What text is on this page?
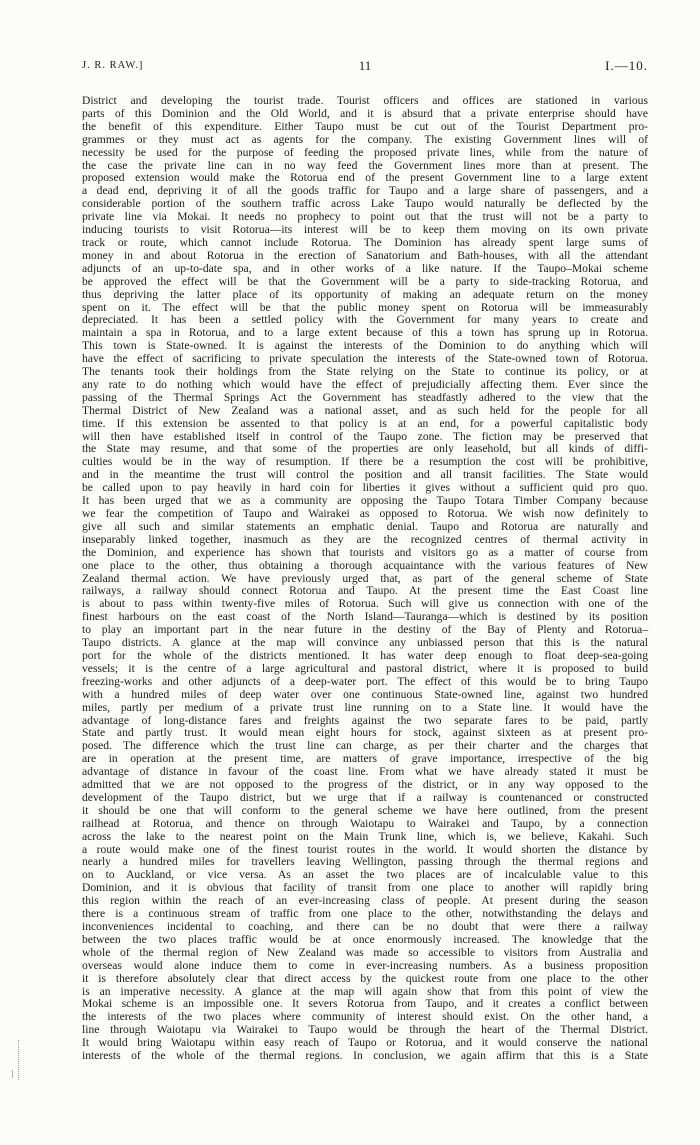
J. R. RAW.]	11	I.—10.
District and developing the tourist trade. Tourist officers and offices are stationed in various
parts of this Dominion and the Old World, and it is absurd that a private enterprise should have
the benefit of this expenditure. Either Taupo must be cut out of the Tourist Department pro-
grammes or they must act as agents for the company. The existing Government lines will of
necessity be used for the purpose of feeding the proposed private lines, while from the nature of
the case the private line can in no way feed the Government lines more than at present. The
proposed extension would make the Rotorua end of the present Government line to a large extent
a dead end, depriving it of all the goods traffic for Taupo and a large share of passengers, and a
considerable portion of the southern traffic across Lake Taupo would naturally be deflected by the
private line via Mokai. It needs no prophecy to point out that the trust will not be a party to
inducing tourists to visit Rotorua—its interest will be to keep them moving on its own private
track or route, which cannot include Rotorua. The Dominion has already spent large sums of
money in and about Rotorua in the erection of Sanatorium and Bath-houses, with all the attendant
adjuncts of an up-to-date spa, and in other works of a like nature. If the Taupo–Mokai scheme
be approved the effect will be that the Government will be a party to side-tracking Rotorua, and
thus depriving the latter place of its opportunity of making an adequate return on the money
spent on it. The effect will be that the public money spent on Rotorua will be immeasurably
depreciated. It has been a settled policy with the Government for many years to create and
maintain a spa in Rotorua, and to a large extent because of this a town has sprung up in Rotorua.
This town is State-owned. It is against the interests of the Dominion to do anything which will
have the effect of sacrificing to private speculation the interests of the State-owned town of Rotorua.
The tenants took their holdings from the State relying on the State to continue its policy, or at
any rate to do nothing which would have the effect of prejudicially affecting them. Ever since the
passing of the Thermal Springs Act the Government has steadfastly adhered to the view that the
Thermal District of New Zealand was a national asset, and as such held for the people for all
time. If this extension be assented to that policy is at an end, for a powerful capitalistic body
will then have established itself in control of the Taupo zone. The fiction may be preserved that
the State may resume, and that some of the properties are only leasehold, but all kinds of diffi-
culties would be in the way of resumption. If there be a resumption the cost will be prohibitive,
and in the meantime the trust will control the position and all transit facilities. The State would
be called upon to pay heavily in hard coin for liberties it gives without a sufficient quid pro quo.
It has been urged that we as a community are opposing the Taupo Totara Timber Company because
we fear the competition of Taupo and Wairakei as opposed to Rotorua. We wish now definitely to
give all such and similar statements an emphatic denial. Taupo and Rotorua are naturally and
inseparably linked together, inasmuch as they are the recognized centres of thermal activity in
the Dominion, and experience has shown that tourists and visitors go as a matter of course from
one place to the other, thus obtaining a thorough acquaintance with the various features of New
Zealand thermal action. We have previously urged that, as part of the general scheme of State
railways, a railway should connect Rotorua and Taupo. At the present time the East Coast line
is about to pass within twenty-five miles of Rotorua. Such will give us connection with one of the
finest harbours on the east coast of the North Island—Tauranga—which is destined by its position
to play an important part in the near future in the destiny of the Bay of Plenty and Rotorua–
Taupo districts. A glance at the map will convince any unbiassed person that this is the natural
port for the whole of the districts mentioned. It has water deep enough to float deep-sea-going
vessels; it is the centre of a large agricultural and pastoral district, where it is proposed to build
freezing-works and other adjuncts of a deep-water port. The effect of this would be to bring Taupo
with a hundred miles of deep water over one continuous State-owned line, against two hundred
miles, partly per medium of a private trust line running on to a State line. It would have the
advantage of long-distance fares and freights against the two separate fares to be paid, partly
State and partly trust. It would mean eight hours for stock, against sixteen as at present pro-
posed. The difference which the trust line can charge, as per their charter and the charges that
are in operation at the present time, are matters of grave importance, irrespective of the big
advantage of distance in favour of the coast line. From what we have already stated it must be
admitted that we are not opposed to the progress of the district, or in any way opposed to the
development of the Taupo district, but we urge that if a railway is countenanced or constructed
it should be one that will conform to the general scheme we have here outlined, from the present
railhead at Rotorua, and thence on through Waiotapu to Wairakei and Taupo, by a connection
across the lake to the nearest point on the Main Trunk line, which is, we believe, Kakahi. Such
a route would make one of the finest tourist routes in the world. It would shorten the distance by
nearly a hundred miles for travellers leaving Wellington, passing through the thermal regions and
on to Auckland, or vice versa. As an asset the two places are of incalculable value to this
Dominion, and it is obvious that facility of transit from one place to another will rapidly bring
this region within the reach of an ever-increasing class of people. At present during the season
there is a continuous stream of traffic from one place to the other, notwithstanding the delays and
inconveniences incidental to coaching, and there can be no doubt that were there a railway
between the two places traffic would be at once enormously increased. The knowledge that the
whole of the thermal region of New Zealand was made so accessible to visitors from Australia and
overseas would alone induce them to come in ever-increasing numbers. As a business proposition
it is therefore absolutely clear that direct access by the quickest route from one place to the other
is an imperative necessity. A glance at the map will again show that from this point of view the
Mokai scheme is an impossible one. It severs Rotorua from Taupo, and it creates a conflict between
the interests of the two places where community of interest should exist. On the other hand, a
line through Waiotapu via Wairakei to Taupo would be through the heart of the Thermal District.
It would bring Waiotapu within easy reach of Taupo or Rotorua, and it would conserve the national
interests of the whole of the thermal regions. In conclusion, we again affirm that this is a State
